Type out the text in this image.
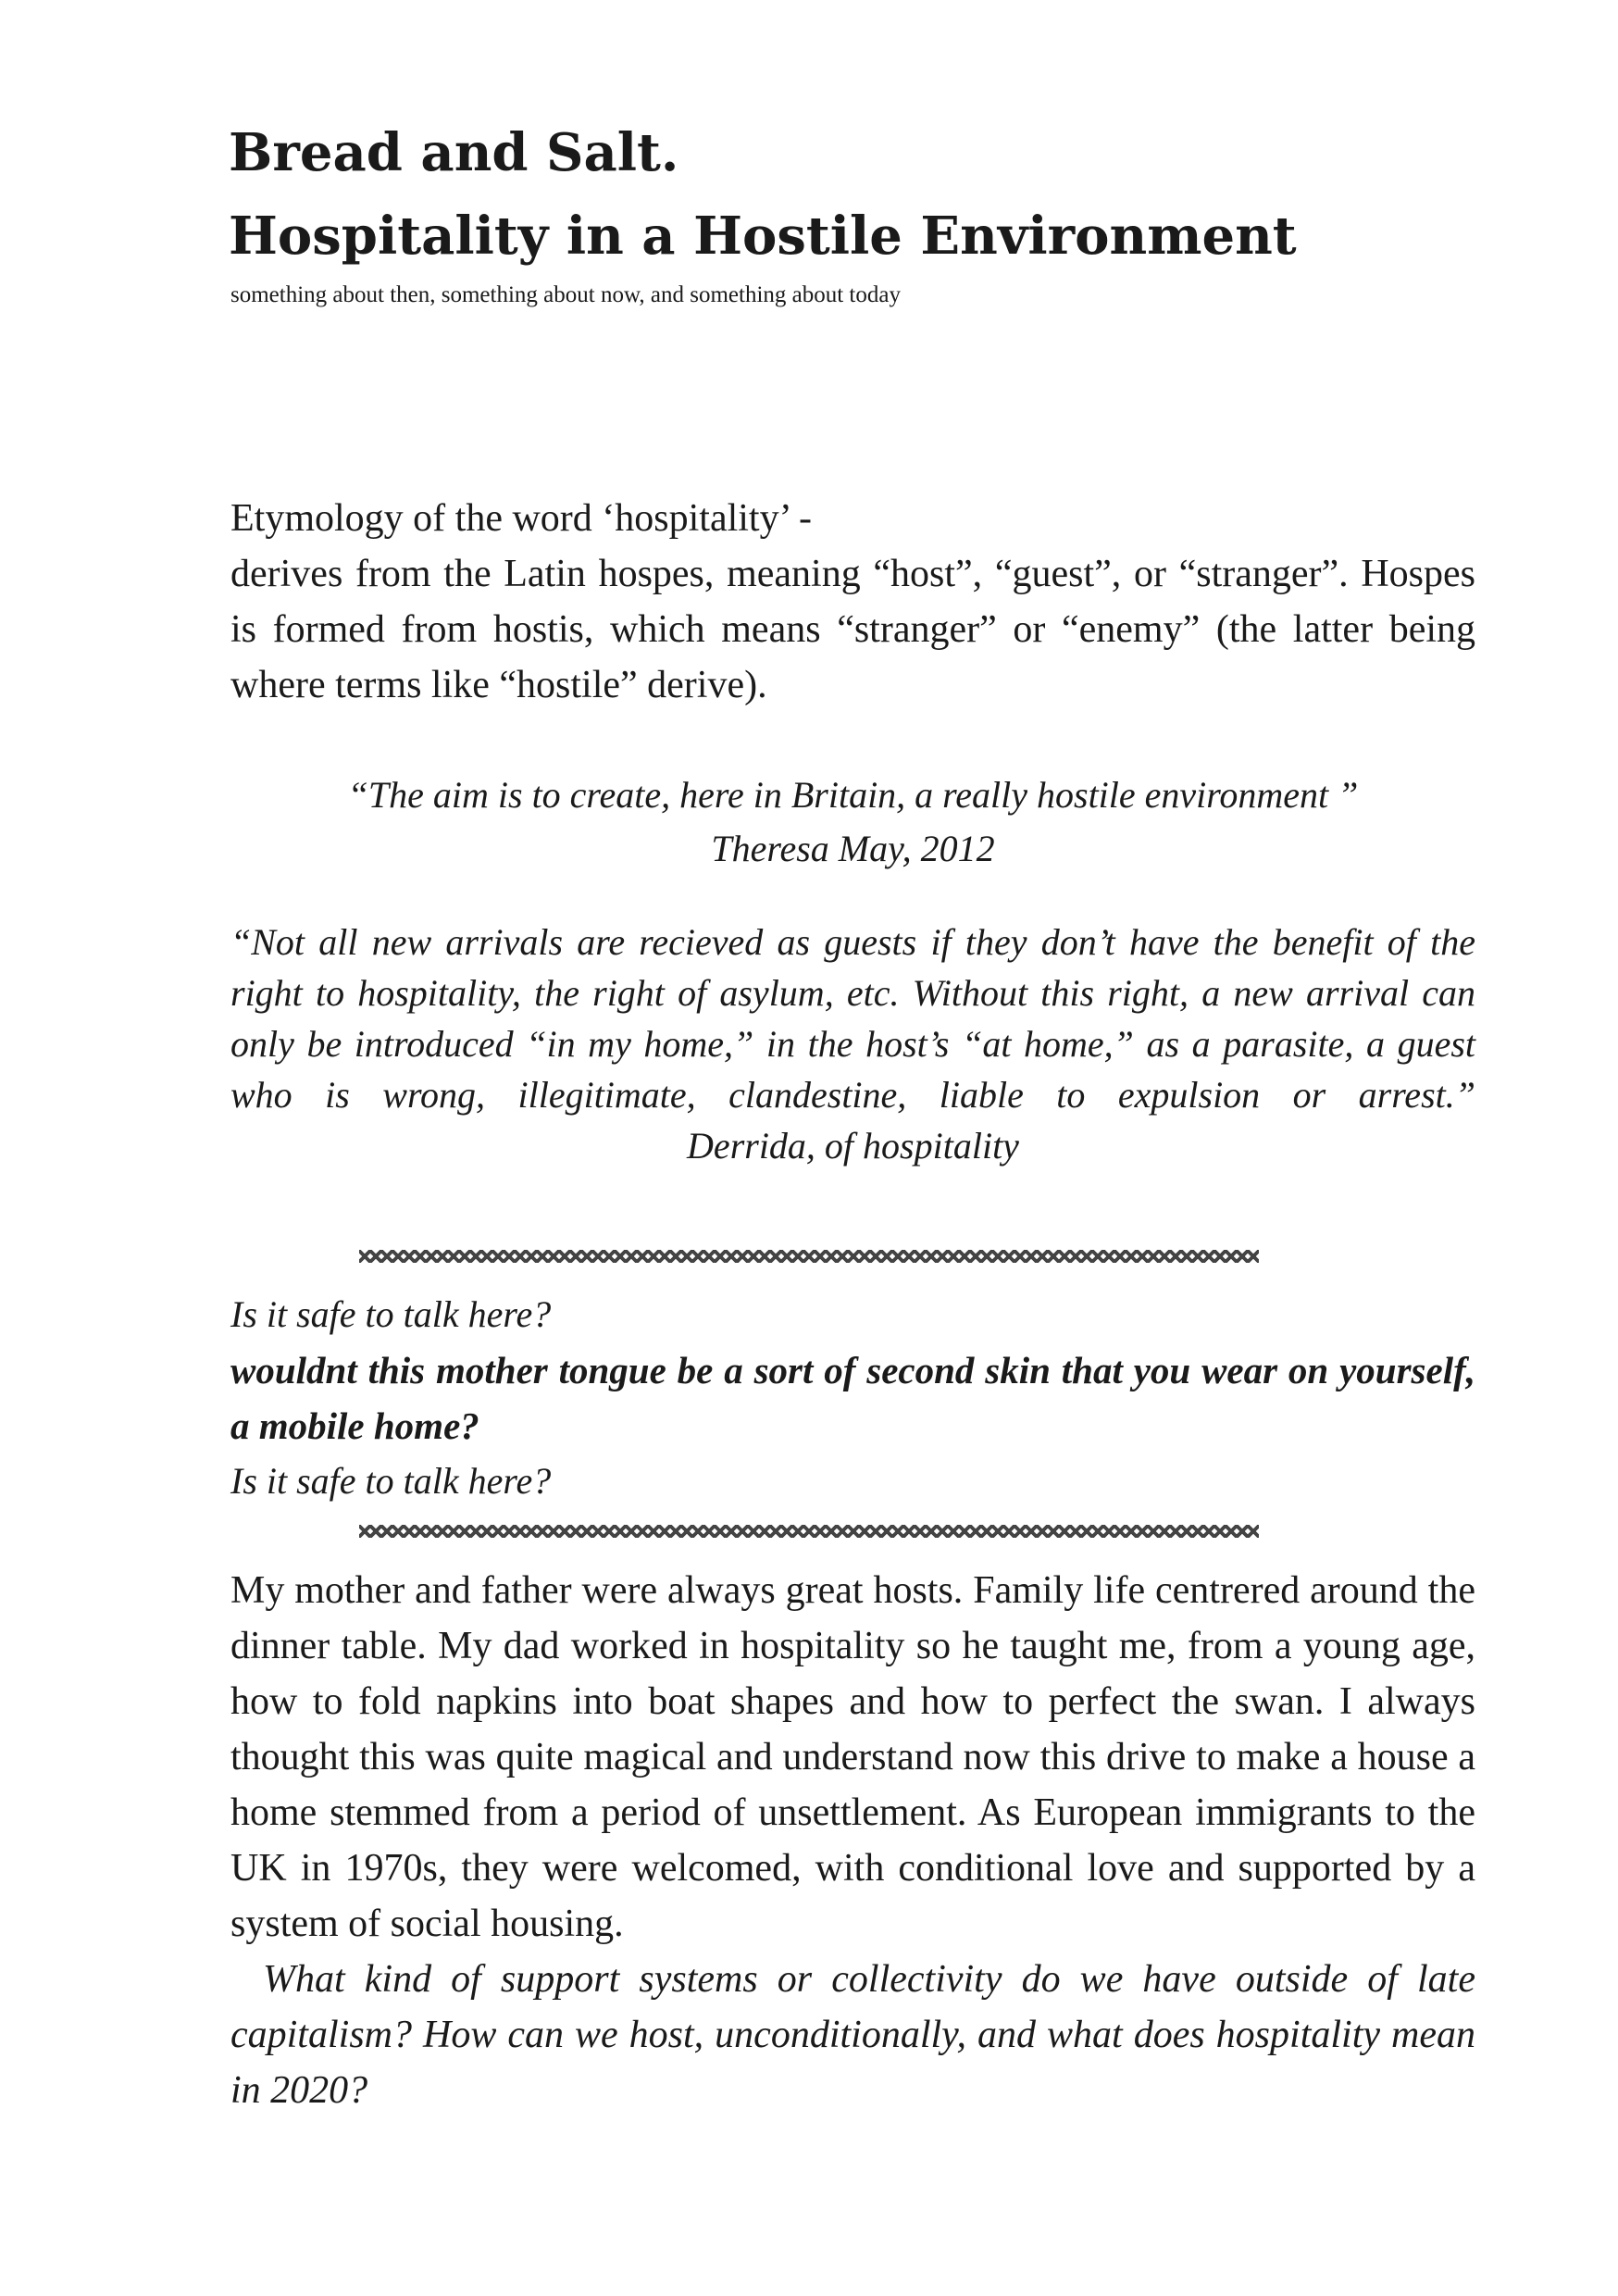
Bread and Salt.
Hospitality in a Hostile Environment
something about then, something about now, and something about today

Etymology of the word ‘hospitality’ -

derives from the Latin hospes, meaning “host”, “guest”, or “stranger”. Hospes is formed from hostis, which means “stranger” or “enemy” (the latter being where terms like “hostile” derive).

“The aim is to create, here in Britain, a really hostile environment ”
Theresa May, 2012

“Not all new arrivals are recieved as guests if they don’t have the benefit of the right to hospitality, the right of asylum, etc. Without this right, a new arrival can only be introduced “in my home,” in the host’s “at home,” as a parasite, a guest who is wrong, illegitimate, clandestine, liable to expulsion or arrest.”

Derrida, of hospitality

Is it safe to talk here?

wouldnt this mother tongue be a sort of second skin that you wear on yourself, a mobile home?

Is it safe to talk here?

My mother and father were always great hosts. Family life centrered around the dinner table. My dad worked in hospitality so he taught me, from a young age, how to fold napkins into boat shapes and how to perfect the swan. I always thought this was quite magical and understand now this drive to make a house a home stemmed from a period of unsettlement. As European immigrants to the UK in 1970s, they were welcomed, with conditional love and supported by a system of social housing.

What kind of support systems or collectivity do we have outside of late capitalism? How can we host, unconditionally, and what does hospitality mean in 2020?
